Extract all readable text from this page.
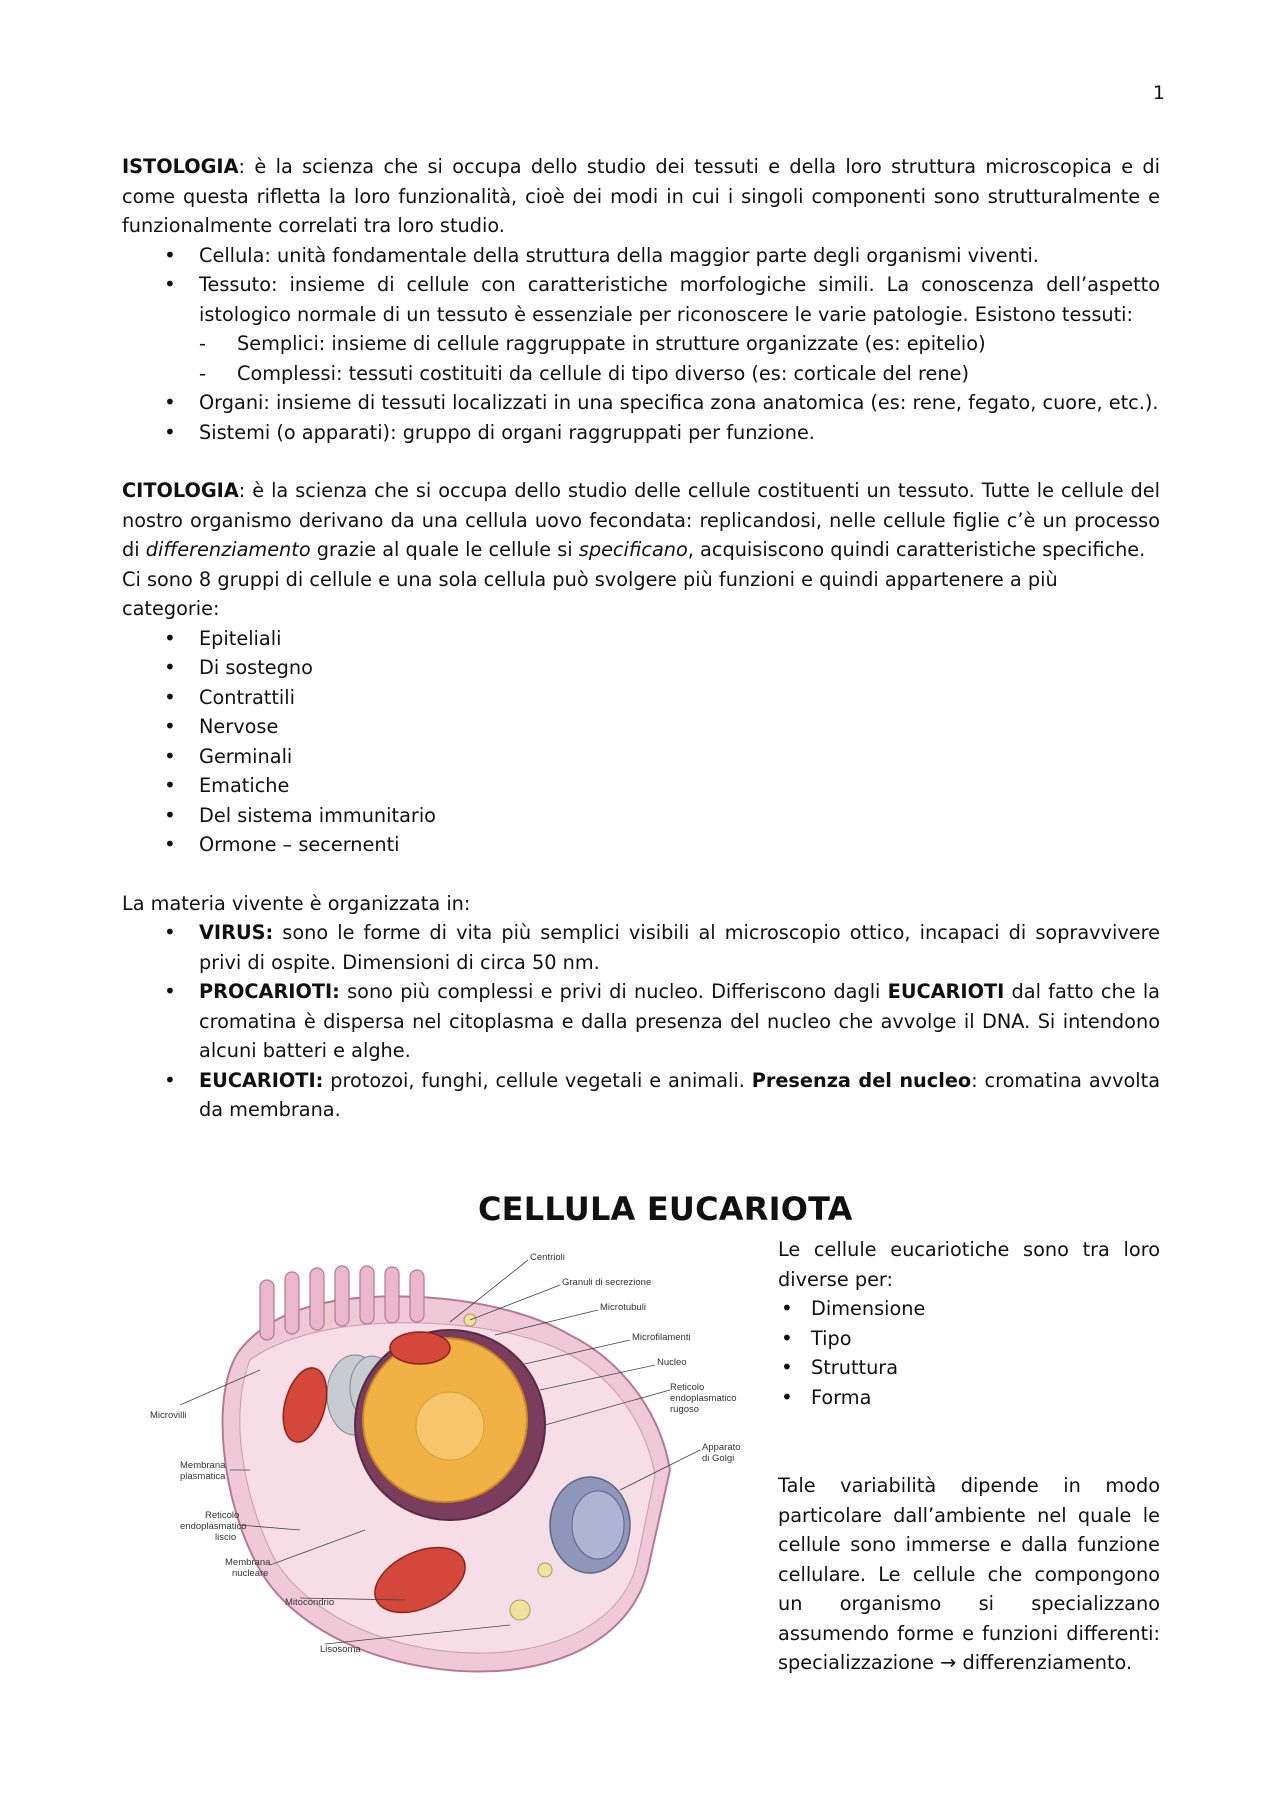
1

ISTOLOGIA: è la scienza che si occupa dello studio dei tessuti e della loro struttura microscopica e di come questa rifletta la loro funzionalità, cioè dei modi in cui i singoli componenti sono strutturalmente e funzionalmente correlati tra loro studio.

• Cellula: unità fondamentale della struttura della maggior parte degli organismi viventi.
• Tessuto: insieme di cellule con caratteristiche morfologiche simili. La conoscenza dell’aspetto istologico normale di un tessuto è essenziale per riconoscere le varie patologie. Esistono tessuti:
- Semplici: insieme di cellule raggruppate in strutture organizzate (es: epitelio)
- Complessi: tessuti costituiti da cellule di tipo diverso (es: corticale del rene)
• Organi: insieme di tessuti localizzati in una specifica zona anatomica (es: rene, fegato, cuore, etc.).
• Sistemi (o apparati): gruppo di organi raggruppati per funzione.

CITOLOGIA: è la scienza che si occupa dello studio delle cellule costituenti un tessuto. Tutte le cellule del nostro organismo derivano da una cellula uovo fecondata: replicandosi, nelle cellule figlie c’è un processo di differenziamento grazie al quale le cellule si specificano, acquisiscono quindi caratteristiche specifiche.

Ci sono 8 gruppi di cellule e una sola cellula può svolgere più funzioni e quindi appartenere a più categorie:

• Epiteliali
• Di sostegno
• Contrattili
• Nervose
• Germinali
• Ematiche
• Del sistema immunitario
• Ormone – secernenti

La materia vivente è organizzata in:

• VIRUS: sono le forme di vita più semplici visibili al microscopio ottico, incapaci di sopravvivere privi di ospite. Dimensioni di circa 50 nm.
• PROCARIOTI: sono più complessi e privi di nucleo. Differiscono dagli EUCARIOTI dal fatto che la cromatina è dispersa nel citoplasma e dalla presenza del nucleo che avvolge il DNA. Si intendono alcuni batteri e alghe.
• EUCARIOTI: protozoi, funghi, cellule vegetali e animali. Presenza del nucleo: cromatina avvolta da membrana.
CELLULA EUCARIOTA
Centrioli
Granuli di secrezione
Microtubuli
Microfilamenti
Nucleo
Reticolo
endoplasmatico
rugoso
Apparato
di Golgi
Microvilli
Membrana
plasmatica
Reticolo
endoplasmatico
liscio
Membrana
nucleare
Mitocondrio
Lisosoma

Le cellule eucariotiche sono tra loro diverse per:

• Dimensione
• Tipo
• Struttura
• Forma

Tale variabilità dipende in modo particolare dall’ambiente nel quale le cellule sono immerse e dalla funzione cellulare. Le cellule che compongono un organismo si specializzano assumendo forme e funzioni differenti: specializzazione → differenziamento.
